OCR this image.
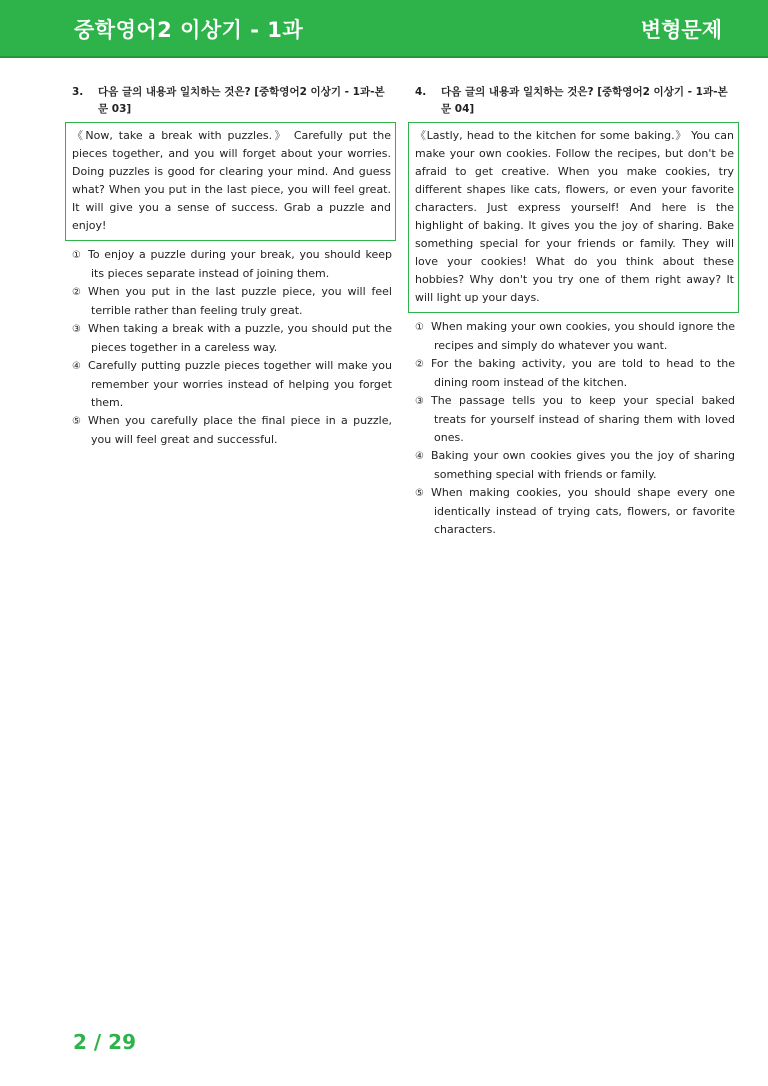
중학영어2 이상기 - 1과	변형문제
3. 다음 글의 내용과 일치하는 것은? [중학영어2 이상기 - 1과-본문 03]
《Now, take a break with puzzles.》 Carefully put the pieces together, and you will forget about your worries. Doing puzzles is good for clearing your mind. And guess what? When you put in the last piece, you will feel great. It will give you a sense of success. Grab a puzzle and enjoy!
① To enjoy a puzzle during your break, you should keep its pieces separate instead of joining them.
② When you put in the last puzzle piece, you will feel terrible rather than feeling truly great.
③ When taking a break with a puzzle, you should put the pieces together in a careless way.
④ Carefully putting puzzle pieces together will make you remember your worries instead of helping you forget them.
⑤ When you carefully place the final piece in a puzzle, you will feel great and successful.
4. 다음 글의 내용과 일치하는 것은? [중학영어2 이상기 - 1과-본문 04]
《Lastly, head to the kitchen for some baking.》 You can make your own cookies. Follow the recipes, but don't be afraid to get creative. When you make cookies, try different shapes like cats, flowers, or even your favorite characters. Just express yourself! And here is the highlight of baking. It gives you the joy of sharing. Bake something special for your friends or family. They will love your cookies! What do you think about these hobbies? Why don't you try one of them right away? It will light up your days.
① When making your own cookies, you should ignore the recipes and simply do whatever you want.
② For the baking activity, you are told to head to the dining room instead of the kitchen.
③ The passage tells you to keep your special baked treats for yourself instead of sharing them with loved ones.
④ Baking your own cookies gives you the joy of sharing something special with friends or family.
⑤ When making cookies, you should shape every one identically instead of trying cats, flowers, or favorite characters.
2 / 29
